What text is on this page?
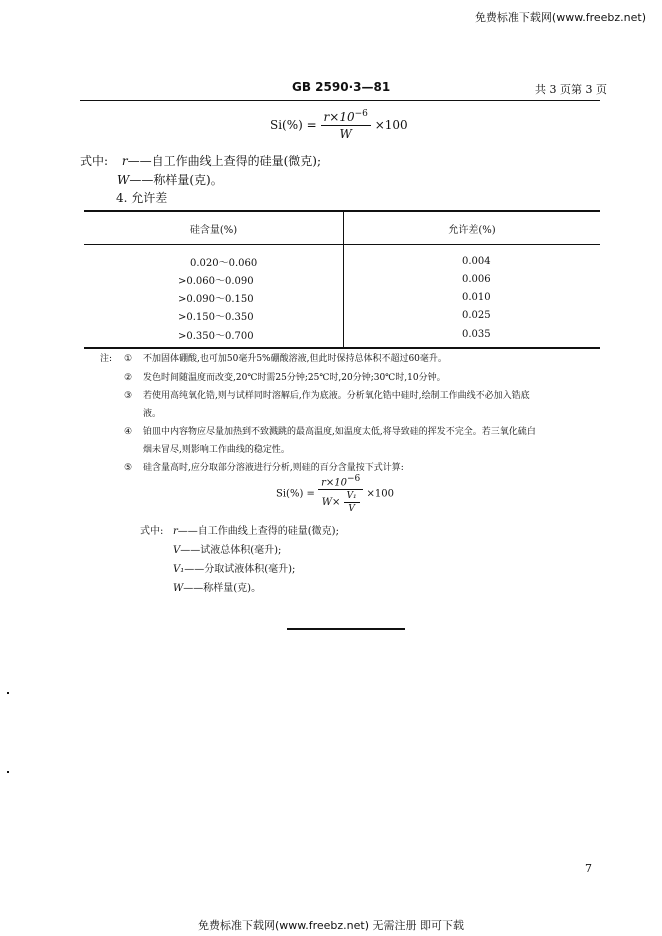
免费标准下载网(www.freebz.net)
GB 2590·3—81	共 3 页第 3 页
$Si(\%) = \frac{r\times 10^{-6}}{W} \times 100$
式中: r——自工作曲线上查得的硅量(微克);
W——称样量(克)。
4. 允许差
硅含量(%)	允许差(%)
0.020～0.060	0.004
>0.060～0.090	0.006
>0.090～0.150	0.010
>0.150～0.350	0.025
>0.350～0.700	0.035
注: ① 不加固体硼酸,也可加50毫升5%硼酸溶液,但此时保持总体积不超过60毫升。
② 发色时间随温度而改变,20℃时需25分钟;25℃时,20分钟;30℃时,10分钟。
③ 若使用高纯氧化锆,则与试样同时溶解后,作为底液。分析氧化锆中硅时,绘制工作曲线不必加入锆底
液。
④ 铂皿中内容物应尽量加热到不致溅跳的最高温度,如温度太低,将导致硅的挥发不完全。若三氧化硫白
烟未冒尽,则影响工作曲线的稳定性。
⑤ 硅含量高时,应分取部分溶液进行分析,则硅的百分含量按下式计算:
$Si(\%) = \frac{r\times 10^{-6}}{W\times \frac{\text{V₁}}{V}} \times 100$
式中: r——自工作曲线上查得的硅量(微克);
V——试液总体积(毫升);
V₁——分取试液体积(毫升);
W——称样量(克)。
7
免费标准下载网(www.freebz.net) 无需注册 即可下载
